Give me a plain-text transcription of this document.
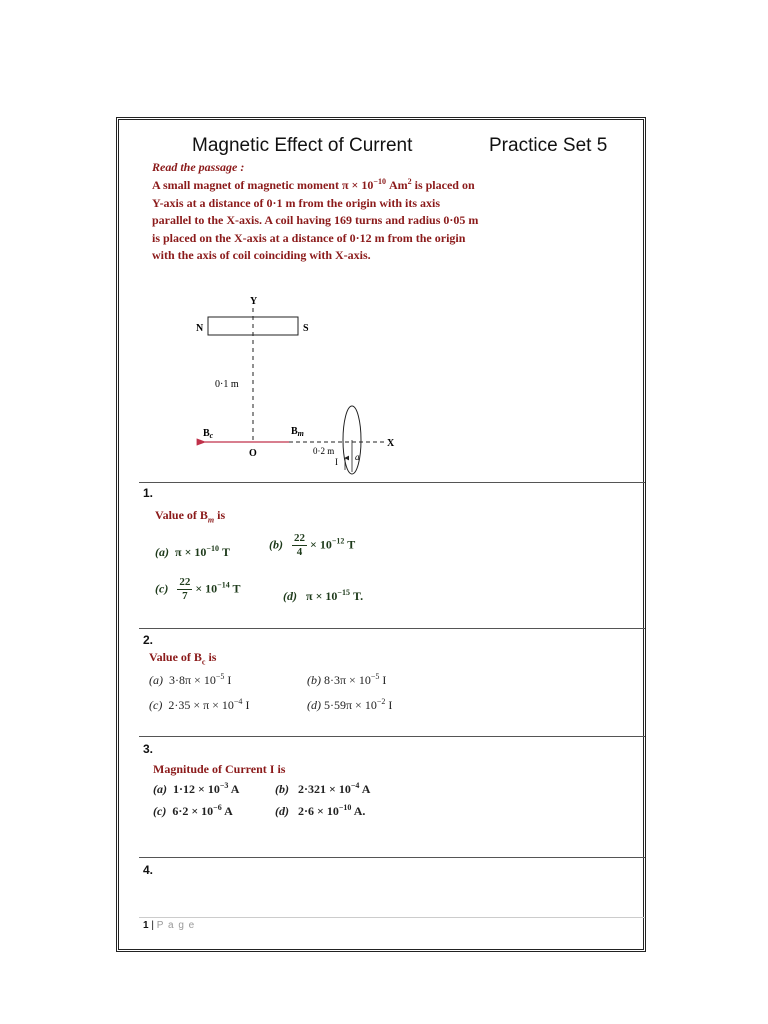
Magnetic Effect of Current	Practice Set 5
Read the passage :
A small magnet of magnetic moment $\pi \times 10^{-10}$ Am$^2$ is placed on Y-axis at a distance of 0·1 m from the origin with its axis parallel to the X-axis. A coil having 169 turns and radius 0·05 m is placed on the X-axis at a distance of 0·12 m from the origin with the axis of coil coinciding with X-axis.
Y
N	S
0·1 m
$B_c$
O
$B_m$
X
0·2 m
a
I
1.
Value of $B_m$ is
(a) $\pi \times 10^{-10}$ T
$(b) \frac{22}{4} \times 10^{-12}$ T
$(c) \frac{22}{7} \times 10^{-14}$ T
(d) $\pi \times 10^{-15}$ T.
2.
Value of $B_c$ is
(a) $3\cdot 8\pi \times 10^{-5}$ I	(b) $8\cdot 3\pi \times 10^{-5}$ I
(c) $2\cdot 35 \times \pi \times 10^{-4}$ I	(d) $5\cdot 59\pi \times 10^{-2}$ I
3.
Magnitude of Current I is
(a) $1\cdot 12 \times 10^{-3}$ A	(b) $2\cdot 321 \times 10^{-4}$ A
(c) $6\cdot 2 \times 10^{-6}$ A	(d) $2\cdot 6 \times 10^{-10}$ A.
4.
1 | P a g e
